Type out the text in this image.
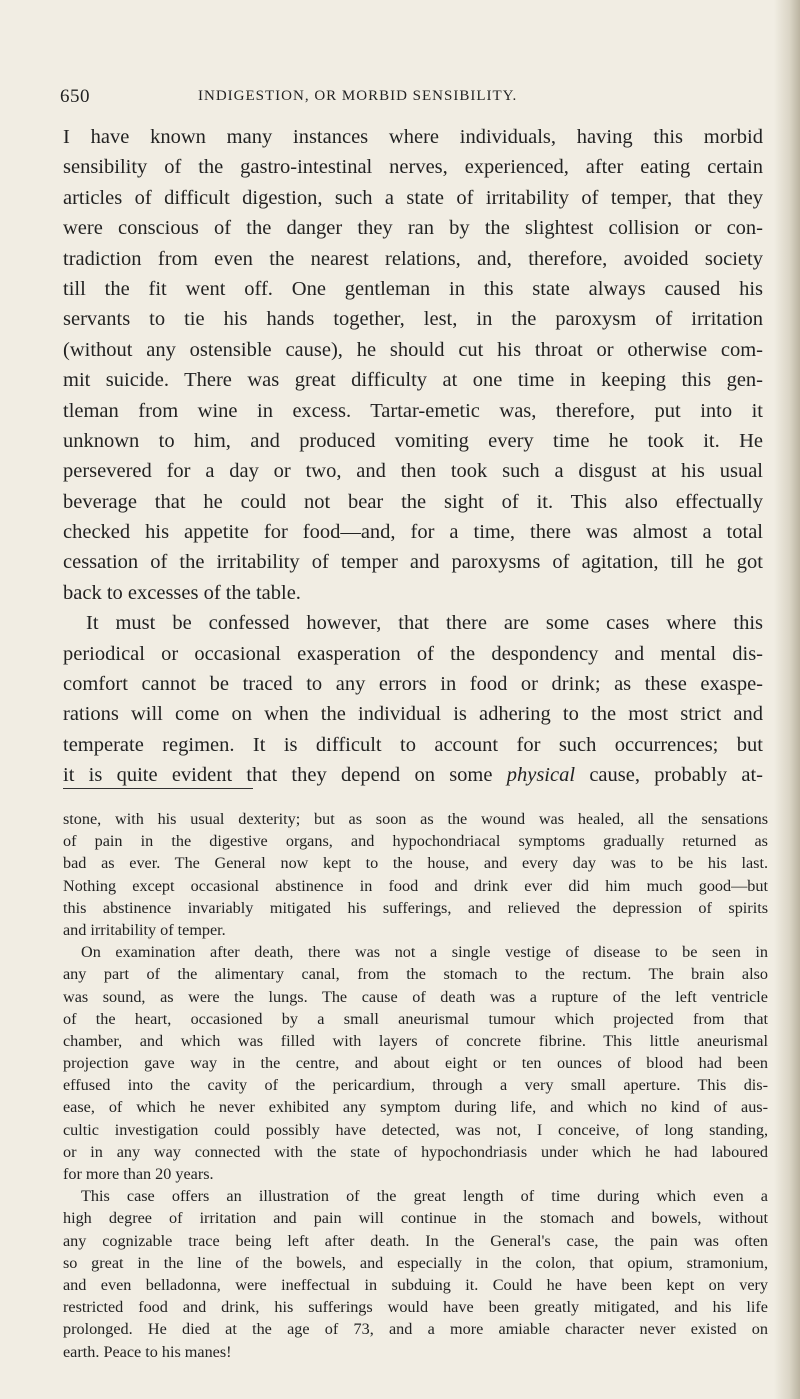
650	INDIGESTION, OR MORBID SENSIBILITY.
I have known many instances where individuals, having this morbid
sensibility of the gastro-intestinal nerves, experienced, after eating certain
articles of difficult digestion, such a state of irritability of temper, that they
were conscious of the danger they ran by the slightest collision or con-
tradiction from even the nearest relations, and, therefore, avoided society
till the fit went off. One gentleman in this state always caused his
servants to tie his hands together, lest, in the paroxysm of irritation
(without any ostensible cause), he should cut his throat or otherwise com-
mit suicide. There was great difficulty at one time in keeping this gen-
tleman from wine in excess. Tartar-emetic was, therefore, put into it
unknown to him, and produced vomiting every time he took it. He
persevered for a day or two, and then took such a disgust at his usual
beverage that he could not bear the sight of it. This also effectually
checked his appetite for food—and, for a time, there was almost a total
cessation of the irritability of temper and paroxysms of agitation, till he got
back to excesses of the table.
It must be confessed however, that there are some cases where this
periodical or occasional exasperation of the despondency and mental dis-
comfort cannot be traced to any errors in food or drink; as these exaspe-
rations will come on when the individual is adhering to the most strict and
temperate regimen. It is difficult to account for such occurrences; but
it is quite evident that they depend on some physical cause, probably at-
stone, with his usual dexterity; but as soon as the wound was healed, all the sensations
of pain in the digestive organs, and hypochondriacal symptoms gradually returned as
bad as ever. The General now kept to the house, and every day was to be his last.
Nothing except occasional abstinence in food and drink ever did him much good—but
this abstinence invariably mitigated his sufferings, and relieved the depression of spirits
and irritability of temper.
On examination after death, there was not a single vestige of disease to be seen in
any part of the alimentary canal, from the stomach to the rectum. The brain also
was sound, as were the lungs. The cause of death was a rupture of the left ventricle
of the heart, occasioned by a small aneurismal tumour which projected from that
chamber, and which was filled with layers of concrete fibrine. This little aneurismal
projection gave way in the centre, and about eight or ten ounces of blood had been
effused into the cavity of the pericardium, through a very small aperture. This dis-
ease, of which he never exhibited any symptom during life, and which no kind of aus-
cultic investigation could possibly have detected, was not, I conceive, of long standing,
or in any way connected with the state of hypochondriasis under which he had laboured
for more than 20 years.
This case offers an illustration of the great length of time during which even a
high degree of irritation and pain will continue in the stomach and bowels, without
any cognizable trace being left after death. In the General's case, the pain was often
so great in the line of the bowels, and especially in the colon, that opium, stramonium,
and even belladonna, were ineffectual in subduing it. Could he have been kept on very
restricted food and drink, his sufferings would have been greatly mitigated, and his life
prolonged. He died at the age of 73, and a more amiable character never existed on
earth. Peace to his manes!
